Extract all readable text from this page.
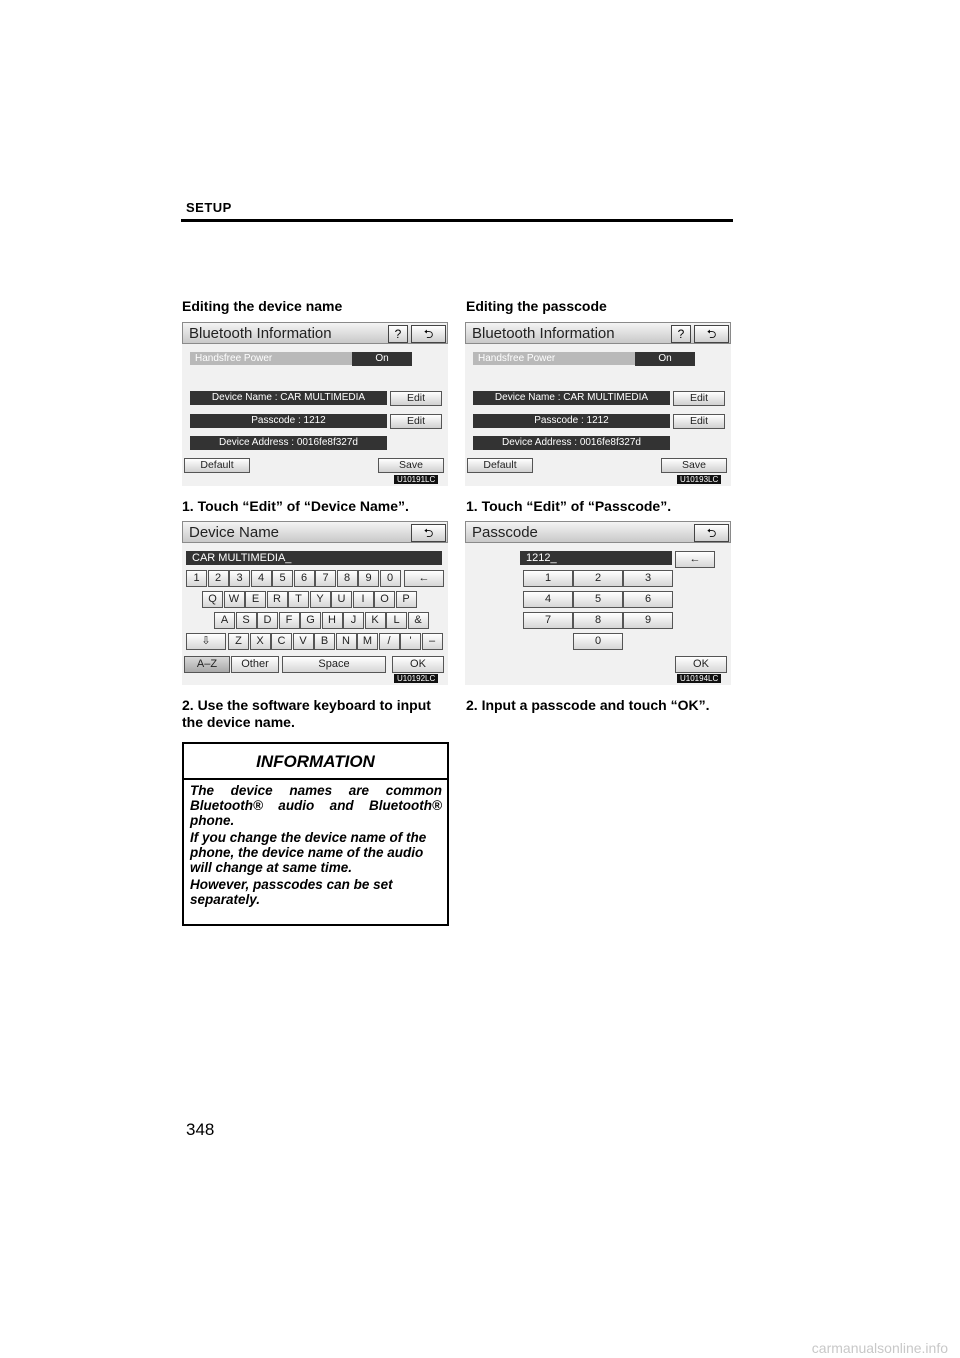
SETUP
Editing the device name
Bluetooth Information	?	⮌
Handsfree Power	On
Device Name : CAR MULTIMEDIA	Edit
Passcode : 1212	Edit
Device Address : 0016fe8f327d
Default	Save
U10191LC
1. Touch “Edit” of “Device Name”.
Device Name	⮌
CAR MULTIMEDIA_
1	2	3	4	5	6	7	8	9	0	←
Q	W	E	R	T	Y	U	I	O	P
A	S	D	F	G	H	J	K	L	&
⇩	Z	X	C	V	B	N	M	/	'	–
A–Z	Other	Space	OK
U10192LC
2. Use the software keyboard to input the device name.
INFORMATION

The device names are common Bluetooth® audio and Bluetooth® phone.

If you change the device name of the phone, the device name of the audio will change at same time.

However, passcodes can be set separately.

Editing the passcode
Bluetooth Information	?	⮌
Handsfree Power	On
Device Name : CAR MULTIMEDIA	Edit
Passcode : 1212	Edit
Device Address : 0016fe8f327d
Default	Save
U10193LC
1. Touch “Edit” of “Passcode”.
Passcode	⮌
1212_	←
1	2	3
4	5	6
7	8	9
0
OK
U10194LC
2. Input a passcode and touch “OK”.
348
carmanualsonline.info
